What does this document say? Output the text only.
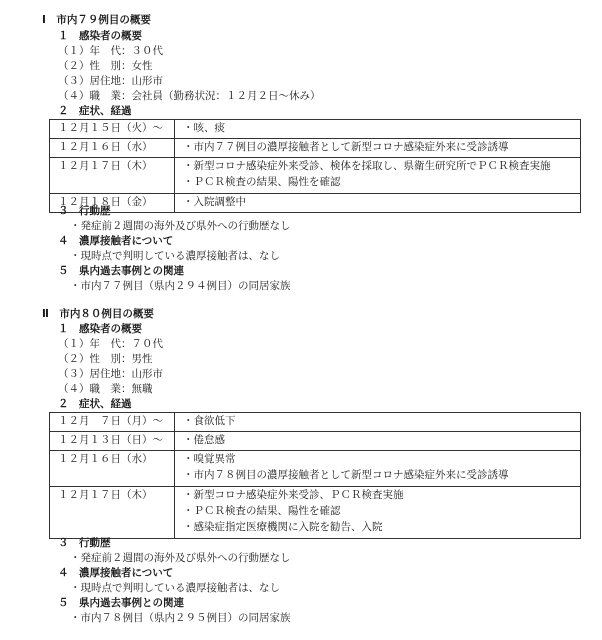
Ⅰ　市内７９例目の概要
１　感染者の概要
（１）年　代：３０代
（２）性　別：女性
（３）居住地：山形市
（４）職　業：会社員（勤務状況：１２月２日～休み）
２　症状、経過
１２月１５日（火）～	・咳、痰
１２月１６日（水）	・市内７７例目の濃厚接触者として新型コロナ感染症外来に受診誘導
１２月１７日（木）	・新型コロナ感染症外来受診、検体を採取し、県衛生研究所でＰＣＲ検査実施
・ＰＣＲ検査の結果、陽性を確認

１２月１８日（金）	・入院調整中
３　行動歴
・発症前２週間の海外及び県外への行動歴なし
４　濃厚接触者について
・現時点で判明している濃厚接触者は、なし
５　県内過去事例との関連
・市内７７例目（県内２９４例目）の同居家族
Ⅱ　市内８０例目の概要
１　感染者の概要
（１）年　代：７０代
（２）性　別：男性
（３）居住地：山形市
（４）職　業：無職
２　症状、経過
１２月　７日（月）～	・食欲低下
１２月１３日（日）～	・倦怠感
１２月１６日（水）	・嗅覚異常
・市内７８例目の濃厚接触者として新型コロナ感染症外来に受診誘導

１２月１７日（木）	・新型コロナ感染症外来受診、ＰＣＲ検査実施
・ＰＣＲ検査の結果、陽性を確認
・感染症指定医療機関に入院を勧告、入院
３　行動歴
・発症前２週間の海外及び県外への行動歴なし
４　濃厚接触者について
・現時点で判明している濃厚接触者は、なし
５　県内過去事例との関連
・市内７８例目（県内２９５例目）の同居家族
